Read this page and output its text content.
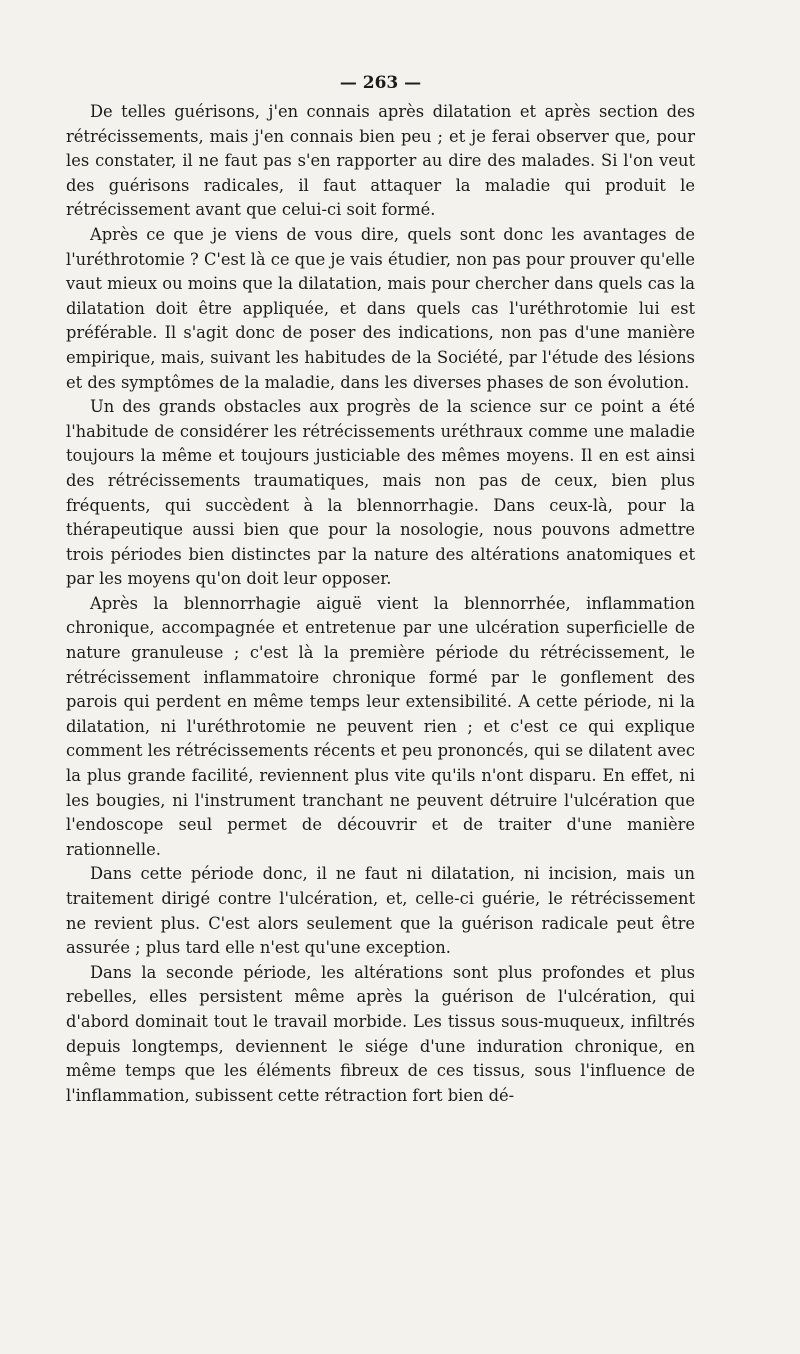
— 263 —

De telles guérisons, j'en connais après dilatation et après section des rétrécissements, mais j'en connais bien peu ; et je ferai observer que, pour les constater, il ne faut pas s'en rapporter au dire des malades. Si l'on veut des guérisons radicales, il faut attaquer la maladie qui produit le rétrécissement avant que celui-ci soit formé.

Après ce que je viens de vous dire, quels sont donc les avantages de l'uréthrotomie ? C'est là ce que je vais étudier, non pas pour prouver qu'elle vaut mieux ou moins que la dilatation, mais pour chercher dans quels cas la dilatation doit être appliquée, et dans quels cas l'uréthrotomie lui est préférable. Il s'agit donc de poser des indications, non pas d'une manière empirique, mais, suivant les habitudes de la Société, par l'étude des lésions et des symptômes de la maladie, dans les diverses phases de son évolution.

Un des grands obstacles aux progrès de la science sur ce point a été l'habitude de considérer les rétrécissements uréthraux comme une maladie toujours la même et toujours justiciable des mêmes moyens. Il en est ainsi des rétrécissements traumatiques, mais non pas de ceux, bien plus fréquents, qui succèdent à la blennorrhagie. Dans ceux-là, pour la thérapeutique aussi bien que pour la nosologie, nous pouvons admettre trois périodes bien distinctes par la nature des altérations anatomiques et par les moyens qu'on doit leur opposer.

Après la blennorrhagie aiguë vient la blennorrhée, inflammation chronique, accompagnée et entretenue par une ulcération superficielle de nature granuleuse ; c'est là la première période du rétrécissement, le rétrécissement inflammatoire chronique formé par le gonflement des parois qui perdent en même temps leur extensibilité. A cette période, ni la dilatation, ni l'uréthrotomie ne peuvent rien ; et c'est ce qui explique comment les rétrécissements récents et peu prononcés, qui se dilatent avec la plus grande facilité, reviennent plus vite qu'ils n'ont disparu. En effet, ni les bougies, ni l'instrument tranchant ne peuvent détruire l'ulcération que l'endoscope seul permet de découvrir et de traiter d'une manière rationnelle.

Dans cette période donc, il ne faut ni dilatation, ni incision, mais un traitement dirigé contre l'ulcération, et, celle-ci guérie, le rétrécissement ne revient plus. C'est alors seulement que la guérison radicale peut être assurée ; plus tard elle n'est qu'une exception.

Dans la seconde période, les altérations sont plus profondes et plus rebelles, elles persistent même après la guérison de l'ulcération, qui d'abord dominait tout le travail morbide. Les tissus sous-muqueux, infiltrés depuis longtemps, deviennent le siége d'une induration chronique, en même temps que les éléments fibreux de ces tissus, sous l'influence de l'inflammation, subissent cette rétraction fort bien dé-
